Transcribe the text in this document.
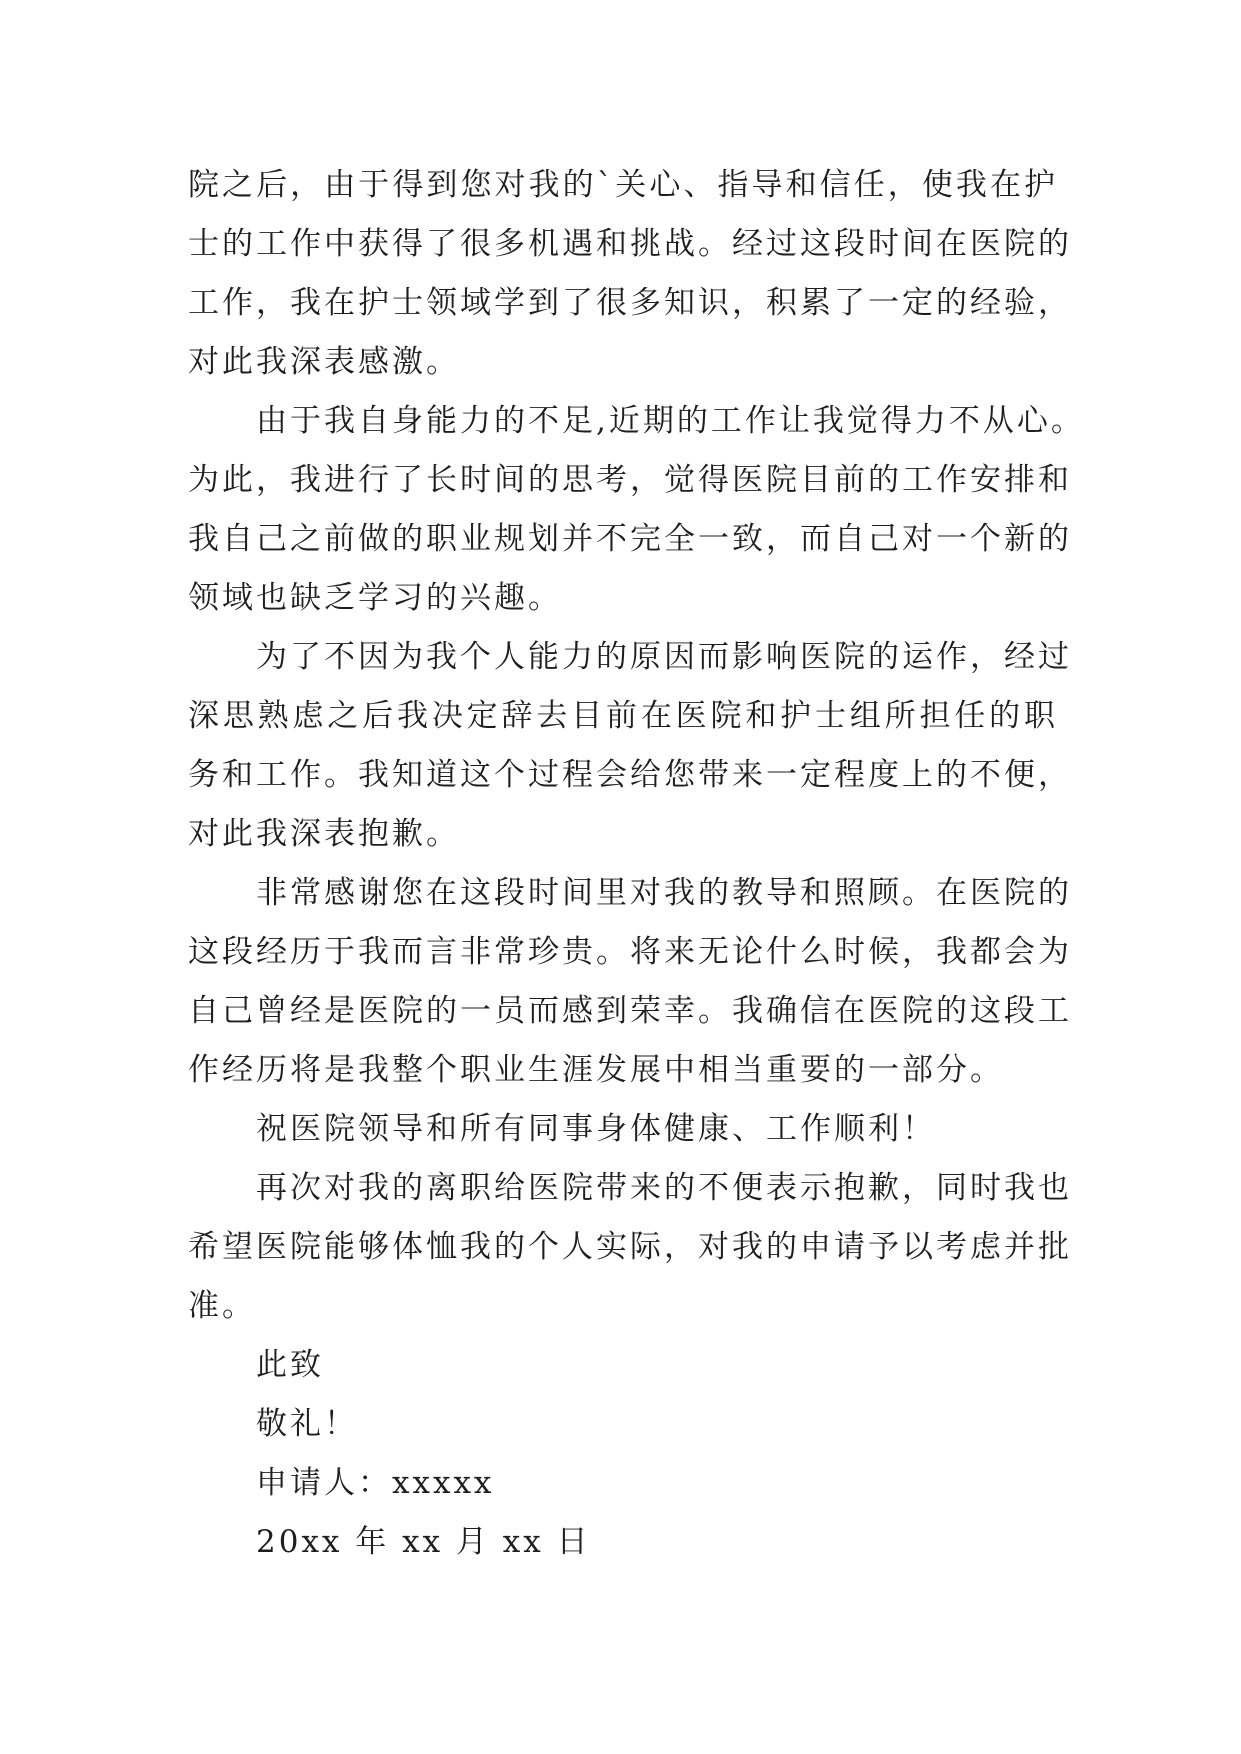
院之后，由于得到您对我的`关心、指导和信任，使我在护
士的工作中获得了很多机遇和挑战。经过这段时间在医院的
工作，我在护士领域学到了很多知识，积累了一定的经验，
对此我深表感激。
由于我自身能力的不足,近期的工作让我觉得力不从心。
为此，我进行了长时间的思考，觉得医院目前的工作安排和
我自己之前做的职业规划并不完全一致，而自己对一个新的
领域也缺乏学习的兴趣。
为了不因为我个人能力的原因而影响医院的运作，经过
深思熟虑之后我决定辞去目前在医院和护士组所担任的职
务和工作。我知道这个过程会给您带来一定程度上的不便，
对此我深表抱歉。
非常感谢您在这段时间里对我的教导和照顾。在医院的
这段经历于我而言非常珍贵。将来无论什么时候，我都会为
自己曾经是医院的一员而感到荣幸。我确信在医院的这段工
作经历将是我整个职业生涯发展中相当重要的一部分。
祝医院领导和所有同事身体健康、工作顺利！
再次对我的离职给医院带来的不便表示抱歉，同时我也
希望医院能够体恤我的个人实际，对我的申请予以考虑并批
准。
此致
敬礼！
申请人：xxxxx
20xx 年 xx 月 xx 日
